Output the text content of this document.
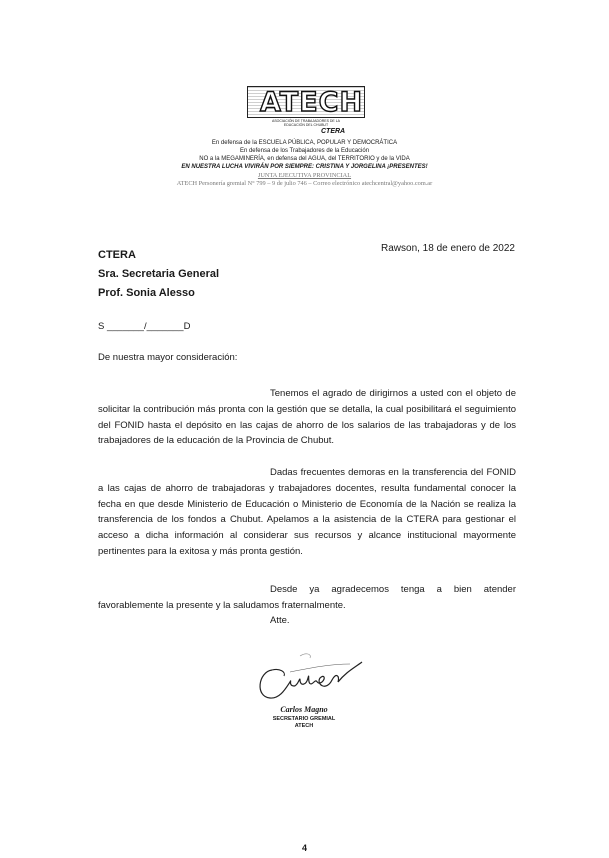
ATECH
ASOCIACIÓN DE TRABAJADORES DE LA EDUCACIÓN DEL CHUBUT
CTERA
En defensa de la ESCUELA PÚBLICA, POPULAR Y DEMOCRÁTICA
En defensa de los Trabajadores de la Educación
NO a la MEGAMINERÍA, en defensa del AGUA, del TERRITORIO y de la VIDA
EN NUESTRA LUCHA VIVIRÁN POR SIEMPRE: CRISTINA Y JORGELINA ¡PRESENTES!
JUNTA EJECUTIVA PROVINCIAL
ATECH Personería gremial N° 799 – 9 de julio 746 – Correo electrónico atechcentral@yahoo.com.ar
Rawson, 18 de enero de 2022
CTERA
Sra. Secretaria General
Prof. Sonia Alesso
S _______/_______D
De nuestra mayor consideración:
Tenemos el agrado de dirigirnos a usted con el objeto de solicitar la contribución más pronta con la gestión que se detalla, la cual posibilitará el seguimiento del FONID hasta el depósito en las cajas de ahorro de los salarios de las trabajadoras y de los trabajadores de la educación de la Provincia de Chubut.
Dadas frecuentes demoras en la transferencia del FONID a las cajas de ahorro de trabajadoras y trabajadores docentes, resulta fundamental conocer la fecha en que desde Ministerio de Educación o Ministerio de Economía de la Nación se realiza la transferencia de los fondos a Chubut. Apelamos a la asistencia de la CTERA para gestionar el acceso a dicha información al considerar sus recursos y alcance institucional mayormente pertinentes para la exitosa y más pronta gestión.
Desde ya agradecemos tenga a bien atender favorablemente la presente y la saludamos fraternalmente.
Atte.
Carlos Magno
SECRETARIO GREMIAL
ATECH
4
